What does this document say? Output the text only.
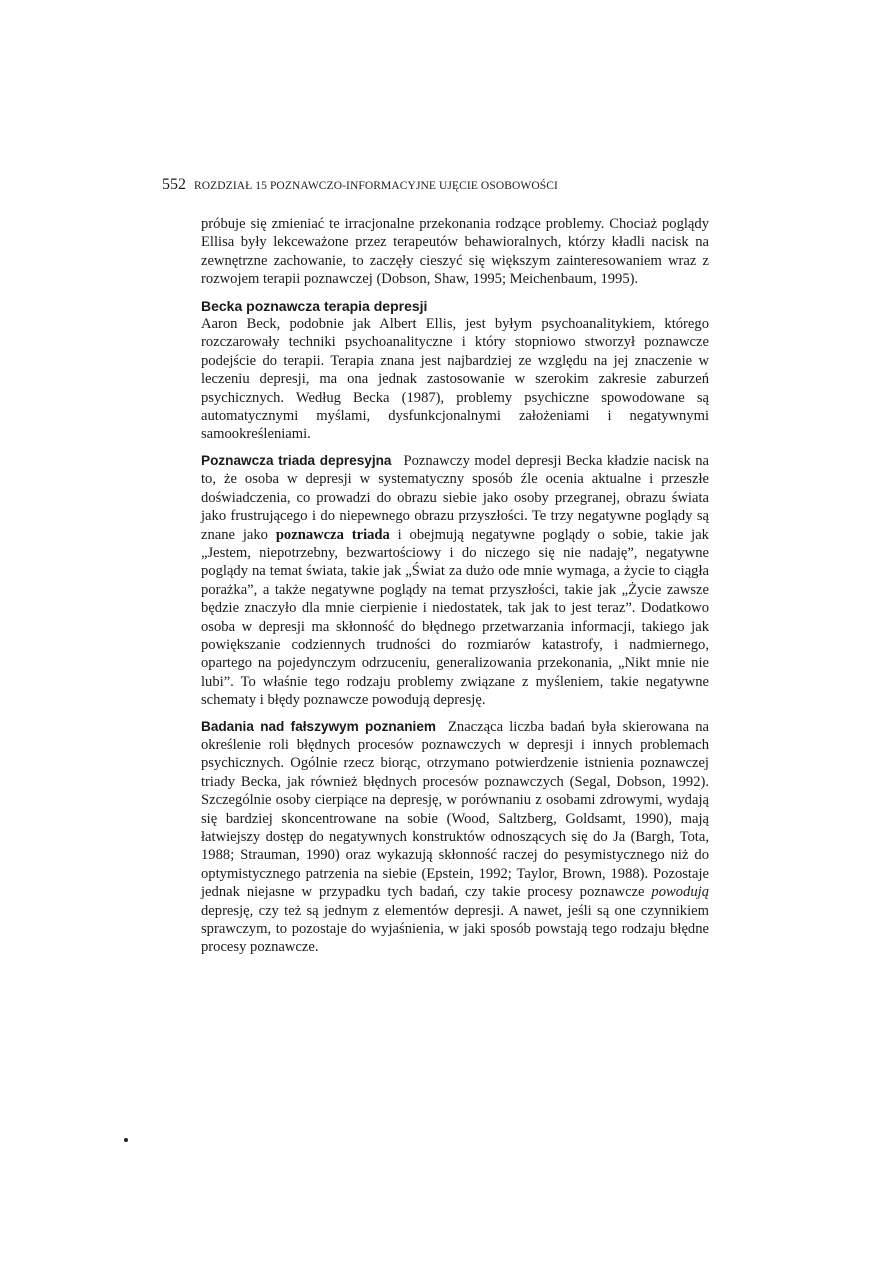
552 ROZDZIAŁ 15 POZNAWCZO-INFORMACYJNE UJĘCIE OSOBOWOŚCI

próbuje się zmieniać te irracjonalne przekonania rodzące problemy. Chociaż poglądy Ellisa były lekceważone przez terapeutów behawioralnych, którzy kładli nacisk na zewnętrzne zachowanie, to zaczęły cieszyć się większym zainteresowaniem wraz z rozwojem terapii poznawczej (Dobson, Shaw, 1995; Meichenbaum, 1995).

Becka poznawcza terapia depresji

Aaron Beck, podobnie jak Albert Ellis, jest byłym psychoanalitykiem, którego rozczarowały techniki psychoanalityczne i który stopniowo stworzył poznawcze podejście do terapii. Terapia znana jest najbardziej ze względu na jej znaczenie w leczeniu depresji, ma ona jednak zastosowanie w szerokim zakresie zaburzeń psychicznych. Według Becka (1987), problemy psychiczne spowodowane są automatycznymi myślami, dysfunkcjonalnymi założeniami i negatywnymi samookreśleniami.

Poznawcza triada depresyjna Poznawczy model depresji Becka kładzie nacisk na to, że osoba w depresji w systematyczny sposób źle ocenia aktualne i przeszłe doświadczenia, co prowadzi do obrazu siebie jako osoby przegranej, obrazu świata jako frustrującego i do niepewnego obrazu przyszłości. Te trzy negatywne poglądy są znane jako poznawcza triada i obejmują negatywne poglądy o sobie, takie jak „Jestem, niepotrzebny, bezwartościowy i do niczego się nie nadaję”, negatywne poglądy na temat świata, takie jak „Świat za dużo ode mnie wymaga, a życie to ciągła porażka”, a także negatywne poglądy na temat przyszłości, takie jak „Życie zawsze będzie znaczyło dla mnie cierpienie i niedostatek, tak jak to jest teraz”. Dodatkowo osoba w depresji ma skłonność do błędnego przetwarzania informacji, takiego jak powiększanie codziennych trudności do rozmiarów katastrofy, i nadmiernego, opartego na pojedynczym odrzuceniu, generalizowania przekonania, „Nikt mnie nie lubi”. To właśnie tego rodzaju problemy związane z myśleniem, takie negatywne schematy i błędy poznawcze powodują depresję.

Badania nad fałszywym poznaniem Znacząca liczba badań była skierowana na określenie roli błędnych procesów poznawczych w depresji i innych problemach psychicznych. Ogólnie rzecz biorąc, otrzymano potwierdzenie istnienia poznawczej triady Becka, jak również błędnych procesów poznawczych (Segal, Dobson, 1992). Szczególnie osoby cierpiące na depresję, w porównaniu z osobami zdrowymi, wydają się bardziej skoncentrowane na sobie (Wood, Saltzberg, Goldsamt, 1990), mają łatwiejszy dostęp do negatywnych konstruktów odnoszących się do Ja (Bargh, Tota, 1988; Strauman, 1990) oraz wykazują skłonność raczej do pesymistycznego niż do optymistycznego patrzenia na siebie (Epstein, 1992; Taylor, Brown, 1988). Pozostaje jednak niejasne w przypadku tych badań, czy takie procesy poznawcze powodują depresję, czy też są jednym z elementów depresji. A nawet, jeśli są one czynnikiem sprawczym, to pozostaje do wyjaśnienia, w jaki sposób powstają tego rodzaju błędne procesy poznawcze.
